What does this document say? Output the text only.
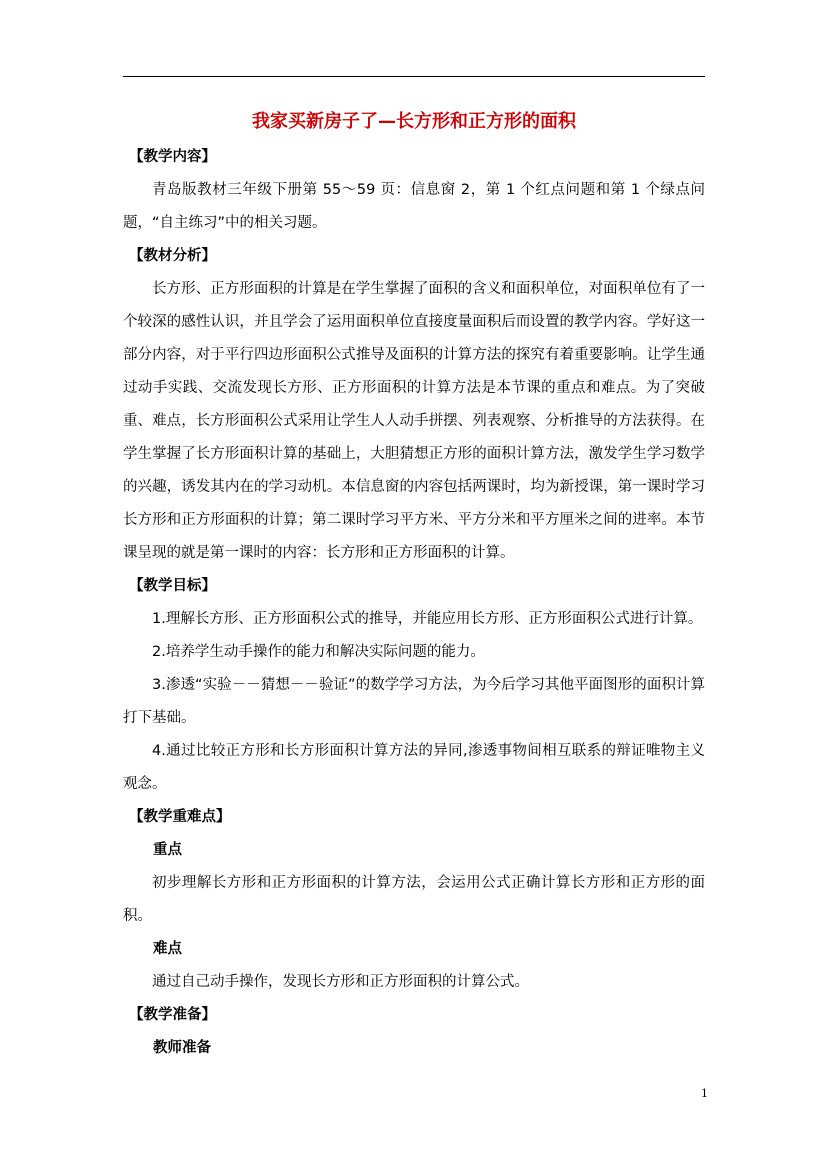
我家买新房子了—长方形和正方形的面积
【教学内容】

青岛版教材三年级下册第 55～59 页：信息窗 2，第 1 个红点问题和第 1 个绿点问题，“自主练习”中的相关习题。

【教材分析】

长方形、正方形面积的计算是在学生掌握了面积的含义和面积单位，对面积单位有了一个较深的感性认识，并且学会了运用面积单位直接度量面积后而设置的教学内容。学好这一部分内容，对于平行四边形面积公式推导及面积的计算方法的探究有着重要影响。让学生通过动手实践、交流发现长方形、正方形面积的计算方法是本节课的重点和难点。为了突破重、难点，长方形面积公式采用让学生人人动手拼摆、列表观察、分析推导的方法获得。在学生掌握了长方形面积计算的基础上，大胆猜想正方形的面积计算方法，激发学生学习数学的兴趣，诱发其内在的学习动机。本信息窗的内容包括两课时，均为新授课，第一课时学习长方形和正方形面积的计算；第二课时学习平方米、平方分米和平方厘米之间的进率。本节课呈现的就是第一课时的内容：长方形和正方形面积的计算。

【教学目标】

1.理解长方形、正方形面积公式的推导，并能应用长方形、正方形面积公式进行计算。

2.培养学生动手操作的能力和解决实际问题的能力。

3.渗透“实验－－猜想－－验证”的数学学习方法，为今后学习其他平面图形的面积计算打下基础。

4.通过比较正方形和长方形面积计算方法的异同,渗透事物间相互联系的辩证唯物主义观念。

【教学重难点】
重点

初步理解长方形和正方形面积的计算方法，会运用公式正确计算长方形和正方形的面积。

难点

通过自己动手操作，发现长方形和正方形面积的计算公式。

【教学准备】
教师准备
1
